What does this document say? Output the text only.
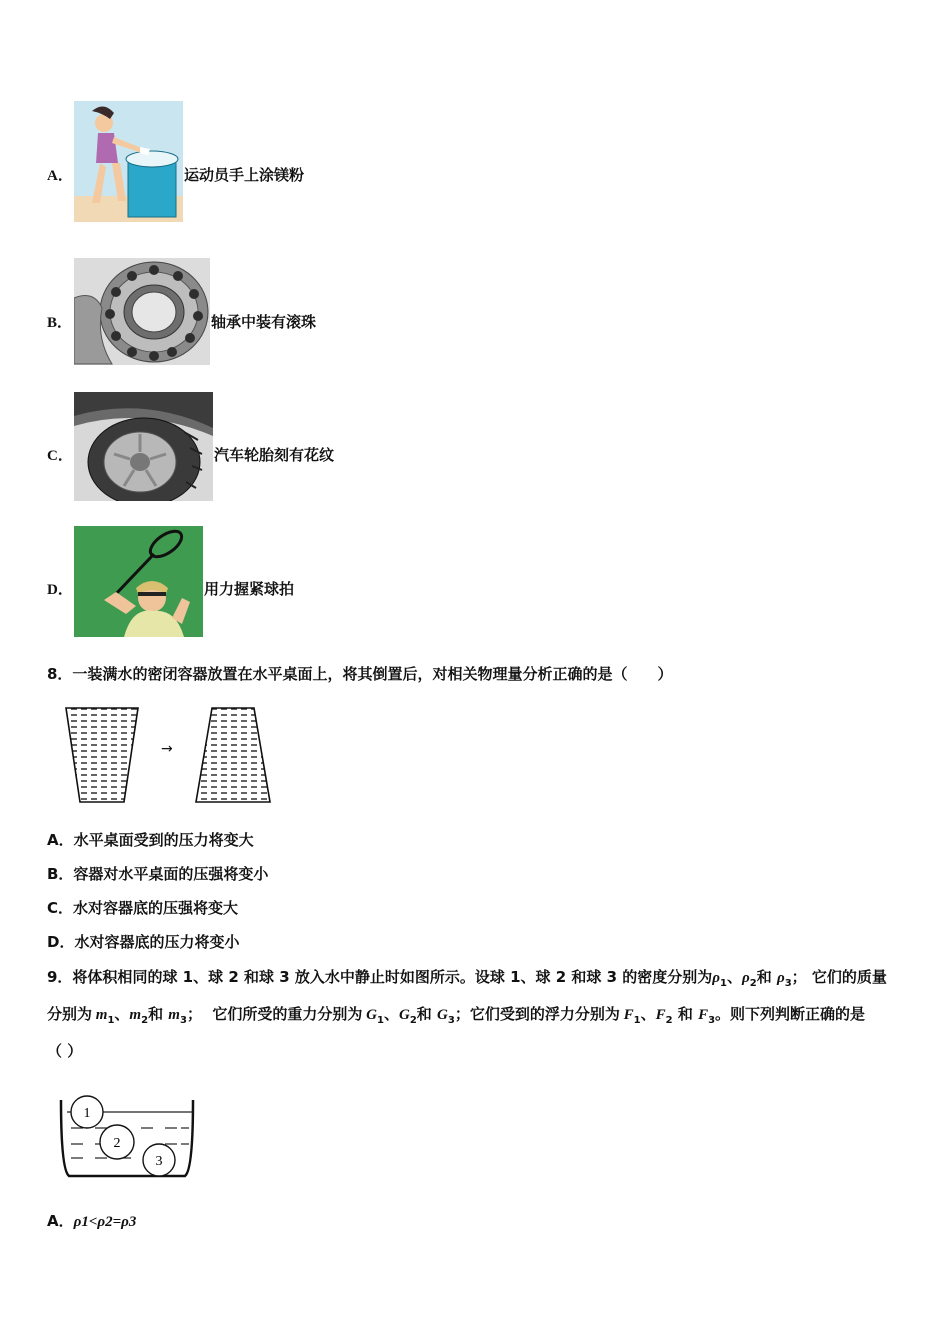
A．	运动员手上涂镁粉
B．	轴承中装有滚珠
C．	汽车轮胎刻有花纹
D．	用力握紧球拍
8．一装满水的密闭容器放置在水平桌面上，将其倒置后，对相关物理量分析正确的是（　　）
→
A．水平桌面受到的压力将变大
B．容器对水平桌面的压强将变小
C．水对容器底的压强将变大
D．水对容器底的压力将变小
9．将体积相同的球 1、球 2 和球 3 放入水中静止时如图所示。设球 1、球 2 和球 3 的密度分别为$\rho_1$、$\rho_2$和 $\rho_3$； 它们的质量
分别为 $m_1$、$m_2$和 $m_3$；  它们所受的重力分别为 $G_1$、$G_2$和 $G_3$；它们受到的浮力分别为 $F_1$、$F_2$ 和 $F_3$。则下列判断正确的是
（ ）
1
2
3
A．ρ1<ρ2=ρ3
